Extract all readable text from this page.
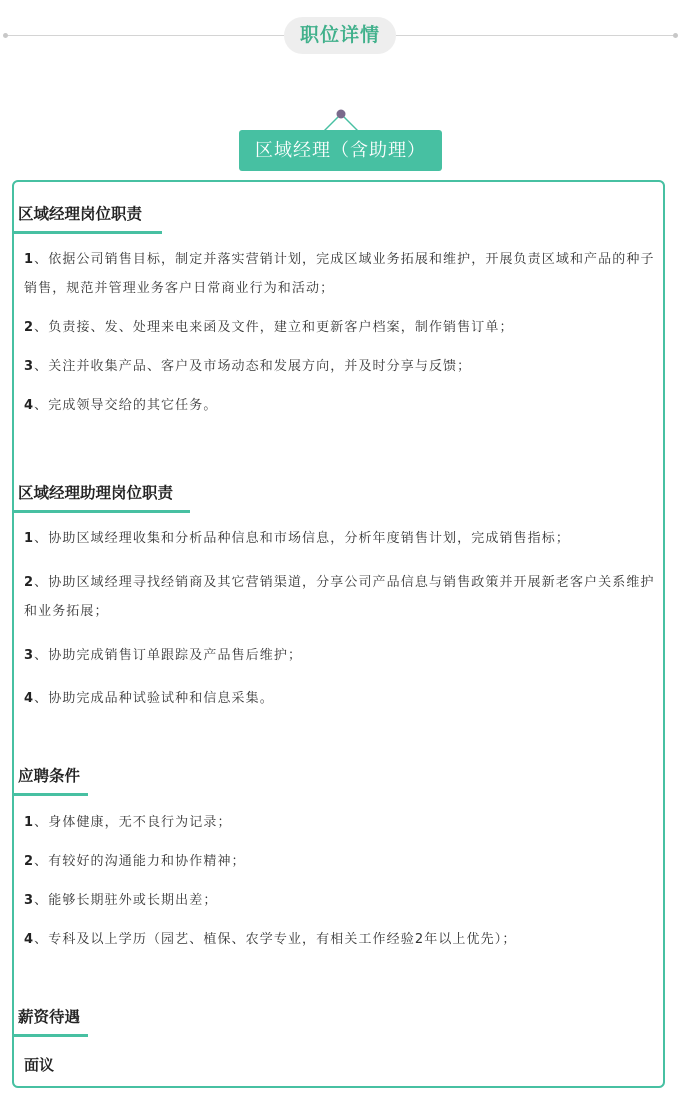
职位详情
区域经理（含助理）
区域经理岗位职责
1、依据公司销售目标，制定并落实营销计划，完成区域业务拓展和维护，开展负责区域和产品的种子销售，规范并管理业务客户日常商业行为和活动；
2、负责接、发、处理来电来函及文件，建立和更新客户档案，制作销售订单；
3、关注并收集产品、客户及市场动态和发展方向，并及时分享与反馈；
4、完成领导交给的其它任务。
区域经理助理岗位职责
1、协助区域经理收集和分析品种信息和市场信息，分析年度销售计划，完成销售指标；
2、协助区域经理寻找经销商及其它营销渠道，分享公司产品信息与销售政策并开展新老客户关系维护和业务拓展；
3、协助完成销售订单跟踪及产品售后维护；
4、协助完成品种试验试种和信息采集。
应聘条件
1、身体健康，无不良行为记录；
2、有较好的沟通能力和协作精神；
3、能够长期驻外或长期出差；
4、专科及以上学历（园艺、植保、农学专业，有相关工作经验2年以上优先）；
薪资待遇
面议
